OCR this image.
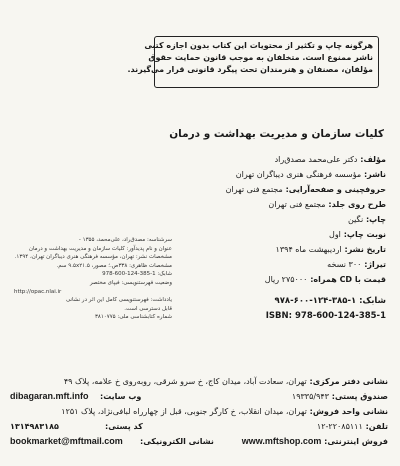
هرگونه چاپ و تکثیر از محتویات این کتاب بدون اجازه کتبی
ناشر ممنوع است. متخلفان به موجب قانون حمایت حقوق
مؤلفان، مصنفان و هنرمندان تحت پیگرد قانونی قرار می‌گیرند.
کلیات سازمان و مدیریت بهداشت و درمان
مؤلف:دکتر علی‌محمد مصدق‌راد
ناشر:مؤسسه فرهنگی هنری دیباگران تهران
حروفچینی و صفحه‌آرایی:مجتمع فنی تهران
طرح روی جلد:مجتمع فنی تهران
چاپ:نگین
نوبت چاپ:اول
تاریخ نشر:اردیبهشت ماه ۱۳۹۴
تیراژ:۳۰۰ نسخه
قیمت با CD همراه:۲۷۵۰۰۰ ریال
سرشناسه: مصدق‌راد، علی‌محمد، ۱۳۵۵ -
عنوان و نام پدیدآور: کلیات سازمان و مدیریت بهداشت و درمان
مشخصات نشر: تهران، مؤسسه فرهنگی هنری دیباگران تهران، ۱۳۹۴.
مشخصات ظاهری: ۳۳۸ص.؛ مصور، ۹.۵x۲۱.۵ سم.
شابک: 1-385-124-600-978
وضعیت فهرستنویسی: فیپای مختصر
http://opac.nlai.ir
یادداشت: فهرستنویسی کامل این اثر در نشانی
قابل دسترسی است.
شماره کتابشناسی ملی: ۳۸۱۰۷۷۵
شابک: ۱-۳۸۵-۱۲۴-۶۰۰-۹۷۸
ISBN: 978-600-124-385-1
نشانی دفتر مرکزی:تهران، سعادت آباد، میدان کاج، خ سرو شرقی، روبه‌روی خ علامه، پلاک ۴۹
صندوق پستی:۱۹۳۳۵/۹۴۳
وب سایت:
dibagaran.mft.info
نشانی واحد فروش:تهران، میدان انقلاب، خ کارگر جنوبی، قبل از چهارراه لبافی‌نژاد، پلاک ۱۲۵۱
تلفن:۲۲۰۸۵۱۱۱-۱۲
۱۳۱۴۹۸۳۱۸۵	کد پستی:
فروش اینترنتی:www.mftshop.com
نشانی الکترونیکی:
bookmarket@mftmail.com
